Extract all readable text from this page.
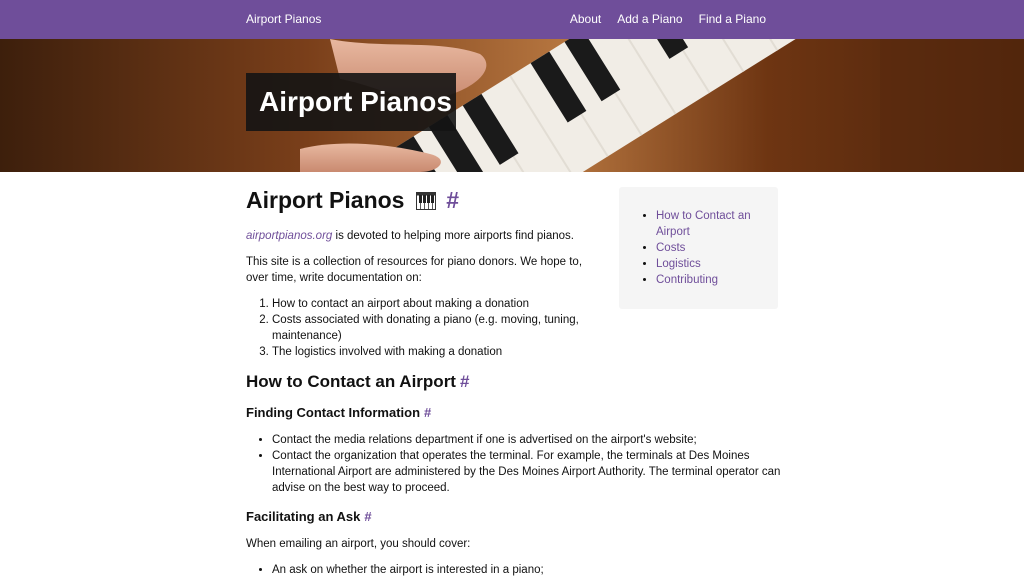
Airport Pianos	About Add a Piano Find a Piano
Airport Pianos
Airport Pianos #
airportpianos.org is devoted to helping more airports find pianos.
This site is a collection of resources for piano donors. We hope to, over time, write documentation on:
1. How to contact an airport about making a donation
2. Costs associated with donating a piano (e.g. moving, tuning, maintenance)
3. The logistics involved with making a donation
How to Contact an Airport #
Finding Contact Information #
• Contact the media relations department if one is advertised on the airport's website;
• Contact the organization that operates the terminal. For example, the terminals at Des Moines International Airport are administered by the Des Moines Airport Authority. The terminal operator can advise on the best way to proceed.
Facilitating an Ask #
When emailing an airport, you should cover:
• An ask on whether the airport is interested in a piano;
• How to Contact an Airport
• Costs
• Logistics
• Contributing
